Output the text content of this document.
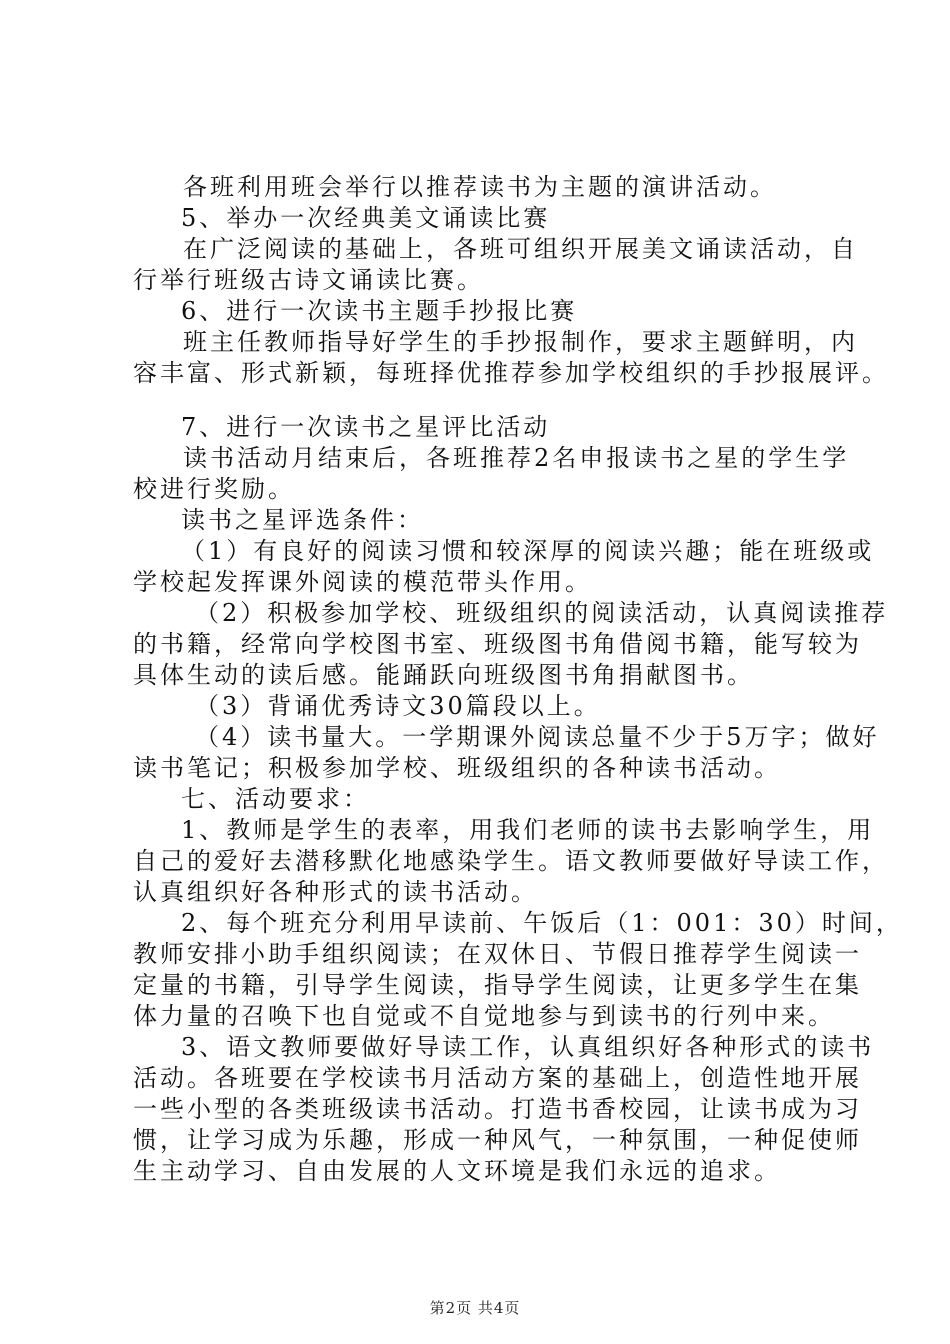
各班利用班会举行以推荐读书为主题的演讲活动。

5、举办一次经典美文诵读比赛

在广泛阅读的基础上，各班可组织开展美文诵读活动，自

行举行班级古诗文诵读比赛。

6、进行一次读书主题手抄报比赛

班主任教师指导好学生的手抄报制作，要求主题鲜明，内

容丰富、形式新颖，每班择优推荐参加学校组织的手抄报展评。

7、进行一次读书之星评比活动

读书活动月结束后，各班推荐2名申报读书之星的学生学

校进行奖励。

读书之星评选条件：

（1）有良好的阅读习惯和较深厚的阅读兴趣；能在班级或

学校起发挥课外阅读的模范带头作用。

（2）积极参加学校、班级组织的阅读活动，认真阅读推荐

的书籍，经常向学校图书室、班级图书角借阅书籍，能写较为

具体生动的读后感。能踊跃向班级图书角捐献图书。

（3）背诵优秀诗文30篇段以上。

（4）读书量大。一学期课外阅读总量不少于5万字；做好

读书笔记；积极参加学校、班级组织的各种读书活动。

七、活动要求：

1、教师是学生的表率，用我们老师的读书去影响学生，用

自己的爱好去潜移默化地感染学生。语文教师要做好导读工作，

认真组织好各种形式的读书活动。

2、每个班充分利用早读前、午饭后（1：001：30）时间，

教师安排小助手组织阅读；在双休日、节假日推荐学生阅读一

定量的书籍，引导学生阅读，指导学生阅读，让更多学生在集

体力量的召唤下也自觉或不自觉地参与到读书的行列中来。

3、语文教师要做好导读工作，认真组织好各种形式的读书

活动。各班要在学校读书月活动方案的基础上，创造性地开展

一些小型的各类班级读书活动。打造书香校园，让读书成为习

惯，让学习成为乐趣，形成一种风气，一种氛围，一种促使师

生主动学习、自由发展的人文环境是我们永远的追求。

第2页 共4页
